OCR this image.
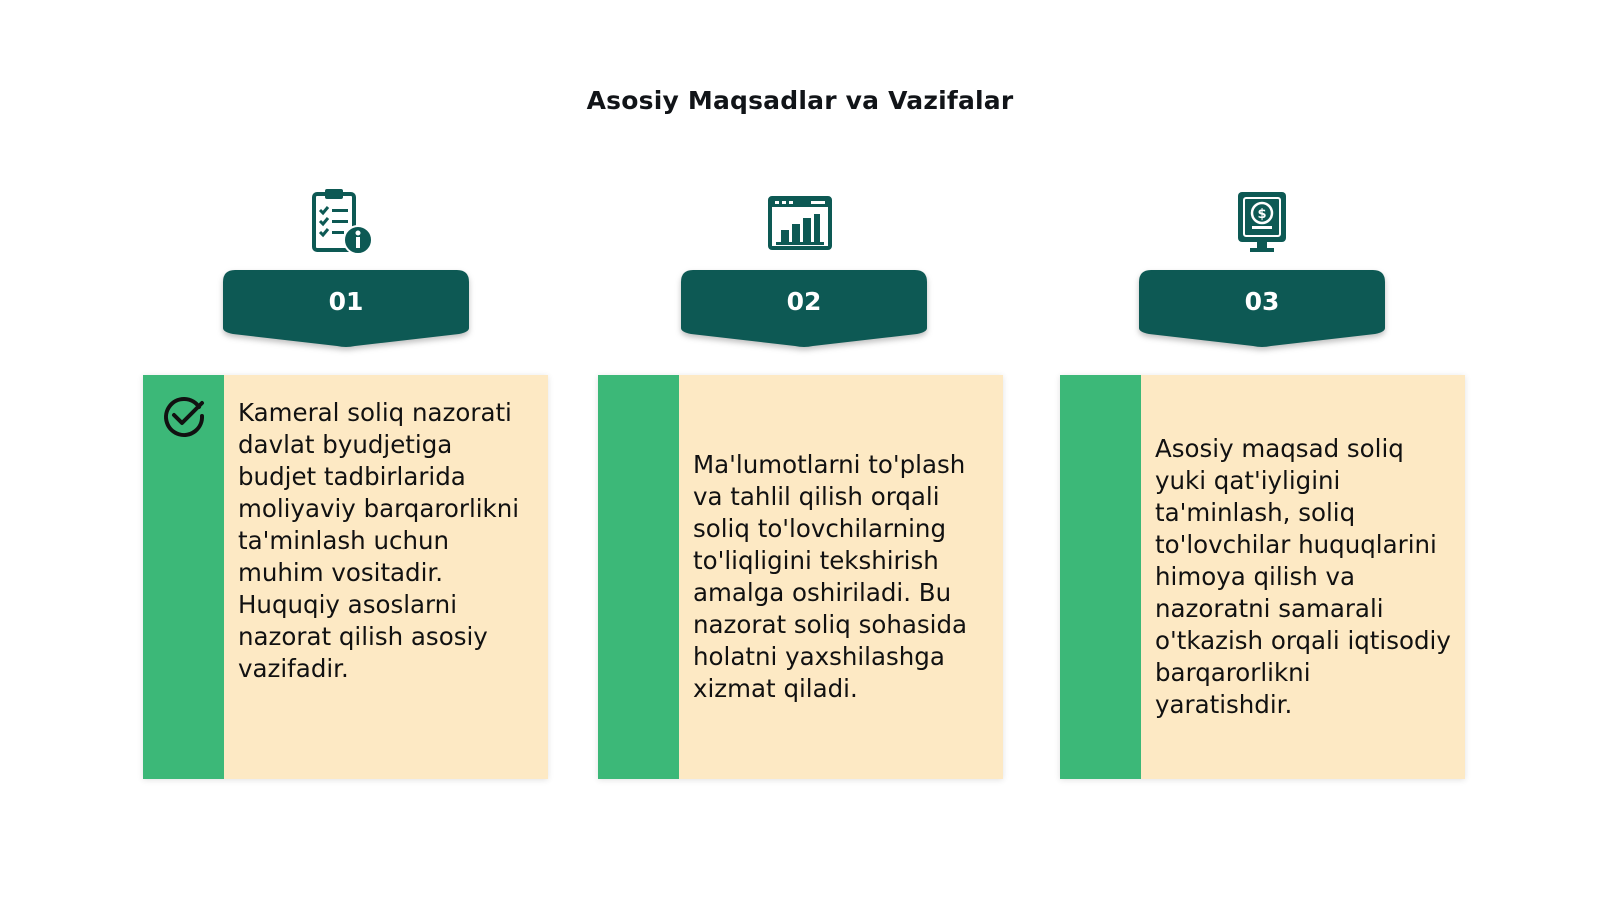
Asosiy Maqsadlar va Vazifalar
01
Kameral soliq nazorati davlat byudjetiga budjet tadbirlarida moliyaviy barqarorlikni ta'minlash uchun muhim vositadir. Huquqiy asoslarni nazorat qilish asosiy vazifadir.
02
Ma'lumotlarni to'plash va tahlil qilish orqali soliq to'lovchilarning to'liqligini tekshirish amalga oshiriladi. Bu nazorat soliq sohasida holatni yaxshilashga xizmat qiladi.
$
03
Asosiy maqsad soliq yuki qat'iyligini ta'minlash, soliq to'lovchilar huquqlarini himoya qilish va nazoratni samarali o'tkazish orqali iqtisodiy barqarorlikni yaratishdir.
